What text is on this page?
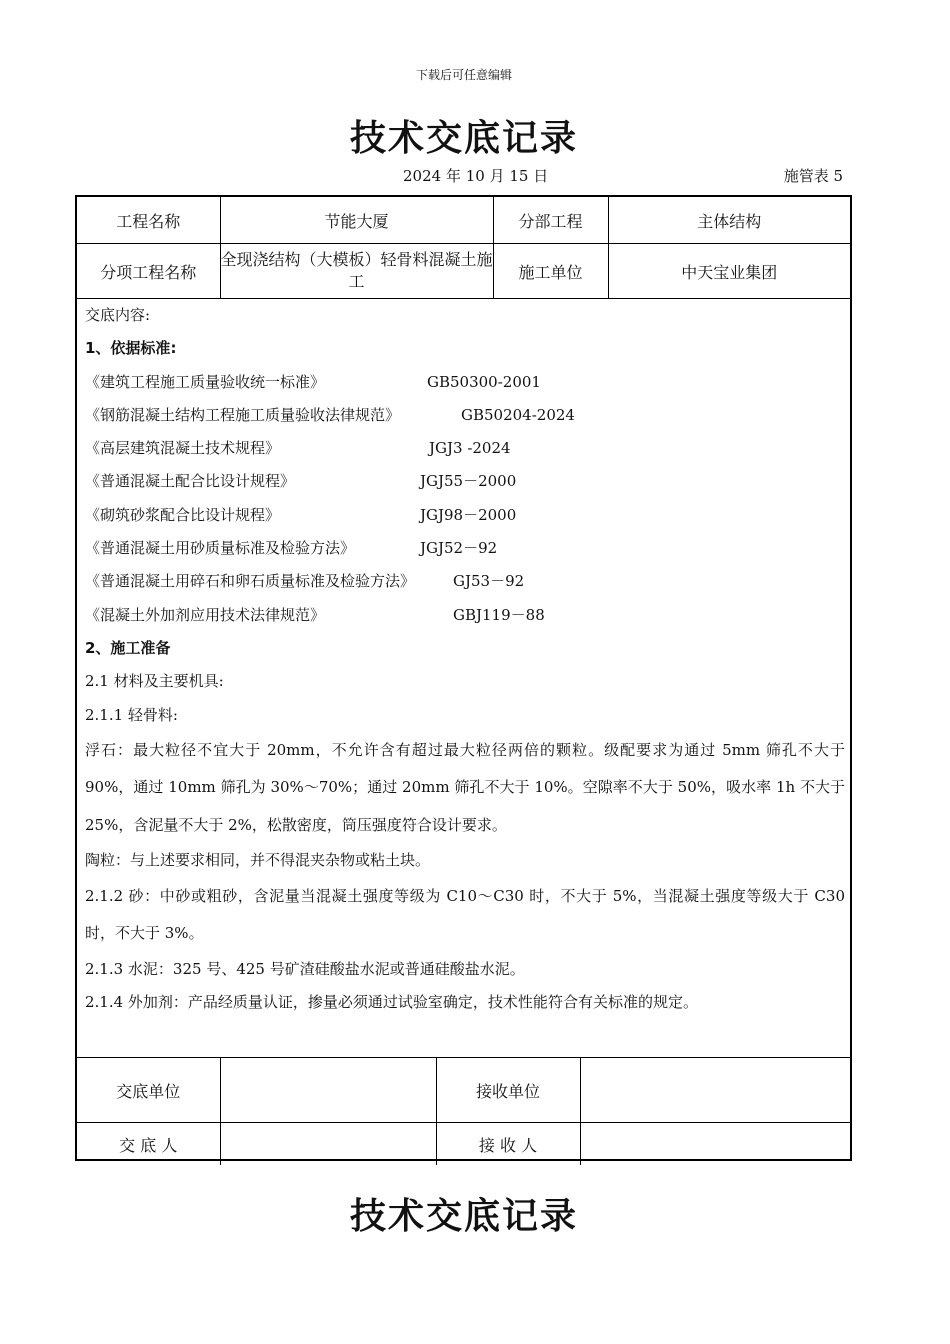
下载后可任意编辑
技术交底记录
2024 年 10 月 15 日	施管表 5
工程名称	节能大厦	分部工程	主体结构
分项工程名称	全现浇结构（大模板）轻骨料混凝土施工	施工单位	中天宝业集团
交底内容:
1、依据标准:
《建筑工程施工质量验收统一标准》	GB50300-2001
《钢筋混凝土结构工程施工质量验收法律规范》	GB50204-2024
《高层建筑混凝土技术规程》	JGJ3 -2024
《普通混凝土配合比设计规程》	JGJ55－2000
《砌筑砂浆配合比设计规程》	JGJ98－2000
《普通混凝土用砂质量标准及检验方法》	JGJ52－92
《普通混凝土用碎石和卵石质量标准及检验方法》	GJ53－92
《混凝土外加剂应用技术法律规范》	GBJ119－88
2、施工准备
2.1 材料及主要机具:
2.1.1 轻骨料:
浮石：最大粒径不宜大于 20mm，不允许含有超过最大粒径两倍的颗粒。级配要求为通过 5mm 筛孔不大于 90%，通过 10mm 筛孔为 30%～70%；通过 20mm 筛孔不大于 10%。空隙率不大于 50%，吸水率 1h 不大于 25%，含泥量不大于 2%，松散密度，筒压强度符合设计要求。
陶粒：与上述要求相同，并不得混夹杂物或粘土块。
2.1.2 砂：中砂或粗砂，含泥量当混凝土强度等级为 C10～C30 时，不大于 5%，当混凝土强度等级大于 C30 时，不大于 3%。
2.1.3 水泥：325 号、425 号矿渣硅酸盐水泥或普通硅酸盐水泥。
2.1.4 外加剂：产品经质量认证，掺量必须通过试验室确定，技术性能符合有关标准的规定。
交底单位		接收单位	
交 底 人		接 收 人	
技术交底记录
